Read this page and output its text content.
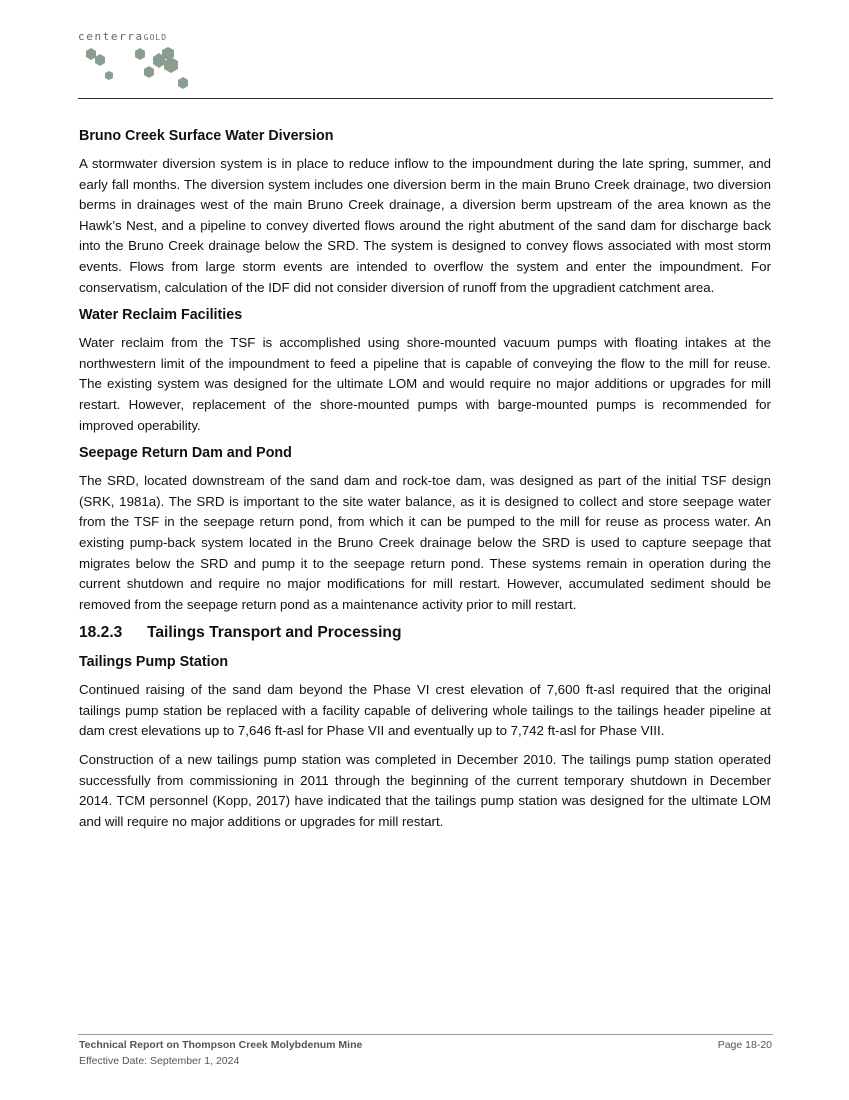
centerraGOLD
Bruno Creek Surface Water Diversion

A stormwater diversion system is in place to reduce inflow to the impoundment during the late spring, summer, and early fall months. The diversion system includes one diversion berm in the main Bruno Creek drainage, two diversion berms in drainages west of the main Bruno Creek drainage, a diversion berm upstream of the area known as the Hawk’s Nest, and a pipeline to convey diverted flows around the right abutment of the sand dam for discharge back into the Bruno Creek drainage below the SRD. The system is designed to convey flows associated with most storm events. Flows from large storm events are intended to overflow the system and enter the impoundment. For conservatism, calculation of the IDF did not consider diversion of runoff from the upgradient catchment area.

Water Reclaim Facilities

Water reclaim from the TSF is accomplished using shore-mounted vacuum pumps with floating intakes at the northwestern limit of the impoundment to feed a pipeline that is capable of conveying the flow to the mill for reuse. The existing system was designed for the ultimate LOM and would require no major additions or upgrades for mill restart. However, replacement of the shore-mounted pumps with barge-mounted pumps is recommended for improved operability.

Seepage Return Dam and Pond

The SRD, located downstream of the sand dam and rock-toe dam, was designed as part of the initial TSF design (SRK, 1981a). The SRD is important to the site water balance, as it is designed to collect and store seepage water from the TSF in the seepage return pond, from which it can be pumped to the mill for reuse as process water. An existing pump-back system located in the Bruno Creek drainage below the SRD is used to capture seepage that migrates below the SRD and pump it to the seepage return pond. These systems remain in operation during the current shutdown and require no major modifications for mill restart. However, accumulated sediment should be removed from the seepage return pond as a maintenance activity prior to mill restart.

18.2.3 Tailings Transport and Processing
Tailings Pump Station

Continued raising of the sand dam beyond the Phase VI crest elevation of 7,600 ft-asl required that the original tailings pump station be replaced with a facility capable of delivering whole tailings to the tailings header pipeline at dam crest elevations up to 7,646 ft-asl for Phase VII and eventually up to 7,742 ft-asl for Phase VIII.

Construction of a new tailings pump station was completed in December 2010. The tailings pump station operated successfully from commissioning in 2011 through the beginning of the current temporary shutdown in December 2014. TCM personnel (Kopp, 2017) have indicated that the tailings pump station was designed for the ultimate LOM and will require no major additions or upgrades for mill restart.

Technical Report on Thompson Creek Molybdenum Mine
Effective Date: September 1, 2024
Page 18-20
